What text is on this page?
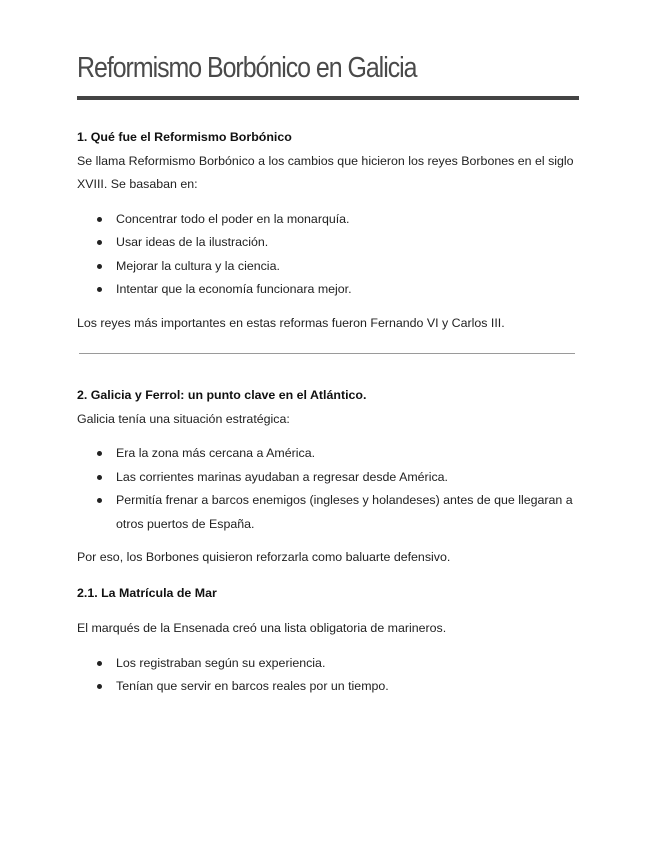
Reformismo Borbónico en Galicia
1. Qué fue el Reformismo Borbónico

Se llama Reformismo Borbónico a los cambios que hicieron los reyes Borbones en el siglo XVIII. Se basaban en:

Concentrar todo el poder en la monarquía.
Usar ideas de la ilustración.
Mejorar la cultura y la ciencia.
Intentar que la economía funcionara mejor.

Los reyes más importantes en estas reformas fueron Fernando VI y Carlos III.

2. Galicia y Ferrol: un punto clave en el Atlántico.

Galicia tenía una situación estratégica:

Era la zona más cercana a América.
Las corrientes marinas ayudaban a regresar desde América.
Permitía frenar a barcos enemigos (ingleses y holandeses) antes de que llegaran a otros puertos de España.

Por eso, los Borbones quisieron reforzarla como baluarte defensivo.

2.1. La Matrícula de Mar

El marqués de la Ensenada creó una lista obligatoria de marineros.

Los registraban según su experiencia.
Tenían que servir en barcos reales por un tiempo.
